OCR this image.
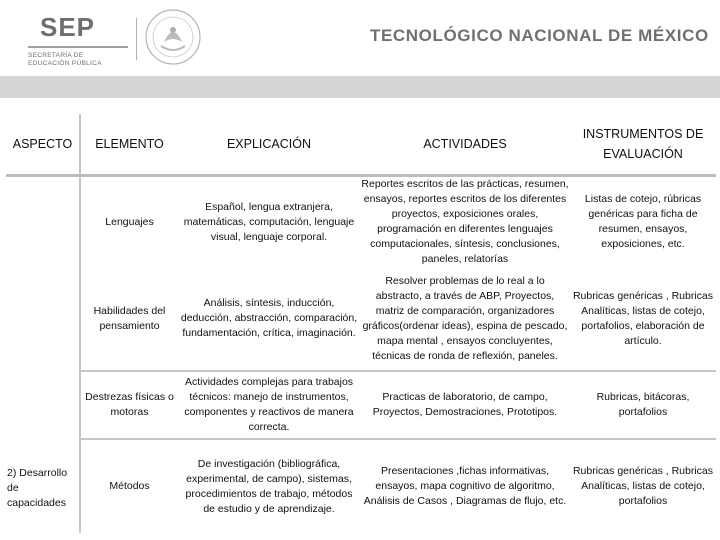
SEP
SECRETARÍA DE
EDUCACIÓN PÚBLICA
TECNOLÓGICO NACIONAL DE MÉXICO
ASPECTO	ELEMENTO	EXPLICACIÓN	ACTIVIDADES	INSTRUMENTOS DE EVALUACIÓN
2) Desarrollo de capacidades	Lenguajes	Español, lengua extranjera, matemáticas, computación, lenguaje visual, lenguaje corporal.	Reportes escritos de las prácticas, resumen, ensayos, reportes escritos de los diferentes proyectos, exposiciones orales, programación en diferentes lenguajes computacionales, síntesis, conclusiones, paneles, relatorías	Listas de cotejo, rúbricas genéricas para ficha de resumen, ensayos, exposiciones, etc.
	Habilidades del pensamiento	Análisis, síntesis, inducción, deducción, abstracción, comparación, fundamentación, crítica, imaginación.	Resolver problemas de lo real a lo abstracto, a través de ABP, Proyectos, matriz de comparación, organizadores gráficos(ordenar ideas), espina de pescado, mapa mental , ensayos concluyentes, técnicas de ronda de reflexión, paneles.	Rubricas genéricas , Rubricas Analíticas, listas de cotejo, portafolios, elaboración de artículo.
	Destrezas físicas o motoras	Actividades complejas para trabajos técnicos: manejo de instrumentos, componentes y reactivos de manera correcta.	Practicas de laboratorio, de campo, Proyectos, Demostraciones, Prototipos.	Rubricas, bitácoras, portafolios
	Métodos	De investigación (bibliográfica, experimental, de campo), sistemas, procedimientos de trabajo, métodos de estudio y de aprendizaje.	Presentaciones ,fichas informativas, ensayos, mapa cognitivo de algoritmo, Análisis de Casos , Diagramas de flujo, etc.	Rubricas genéricas , Rubricas Analíticas, listas de cotejo, portafolios
